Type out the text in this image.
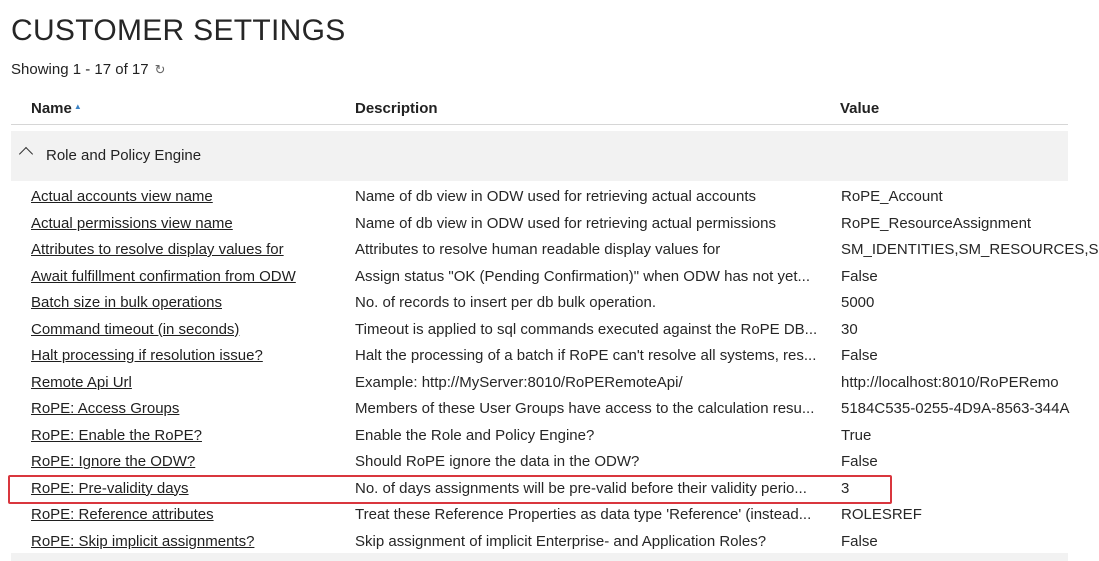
CUSTOMER SETTINGS
Showing 1 - 17 of 17 ↻
Name ▲	Description	Value
Role and Policy Engine
Actual accounts view name	Name of db view in ODW used for retrieving actual accounts	RoPE_Account
Actual permissions view name	Name of db view in ODW used for retrieving actual permissions	RoPE_ResourceAssignment
Attributes to resolve display values for	Attributes to resolve human readable display values for	SM_IDENTITIES,SM_RESOURCES,S
Await fulfillment confirmation from ODW	Assign status "OK (Pending Confirmation)" when ODW has not yet...	False
Batch size in bulk operations	No. of records to insert per db bulk operation.	5000
Command timeout (in seconds)	Timeout is applied to sql commands executed against the RoPE DB...	30
Halt processing if resolution issue?	Halt the processing of a batch if RoPE can't resolve all systems, res...	False
Remote Api Url	Example: http://MyServer:8010/RoPERemoteApi/	http://localhost:8010/RoPERemo
RoPE: Access Groups	Members of these User Groups have access to the calculation resu...	5184C535-0255-4D9A-8563-344A
RoPE: Enable the RoPE?	Enable the Role and Policy Engine?	True
RoPE: Ignore the ODW?	Should RoPE ignore the data in the ODW?	False
RoPE: Pre-validity days	No. of days assignments will be pre-valid before their validity perio...	3
RoPE: Reference attributes	Treat these Reference Properties as data type 'Reference' (instead...	ROLESREF
RoPE: Skip implicit assignments?	Skip assignment of implicit Enterprise- and Application Roles?	False
